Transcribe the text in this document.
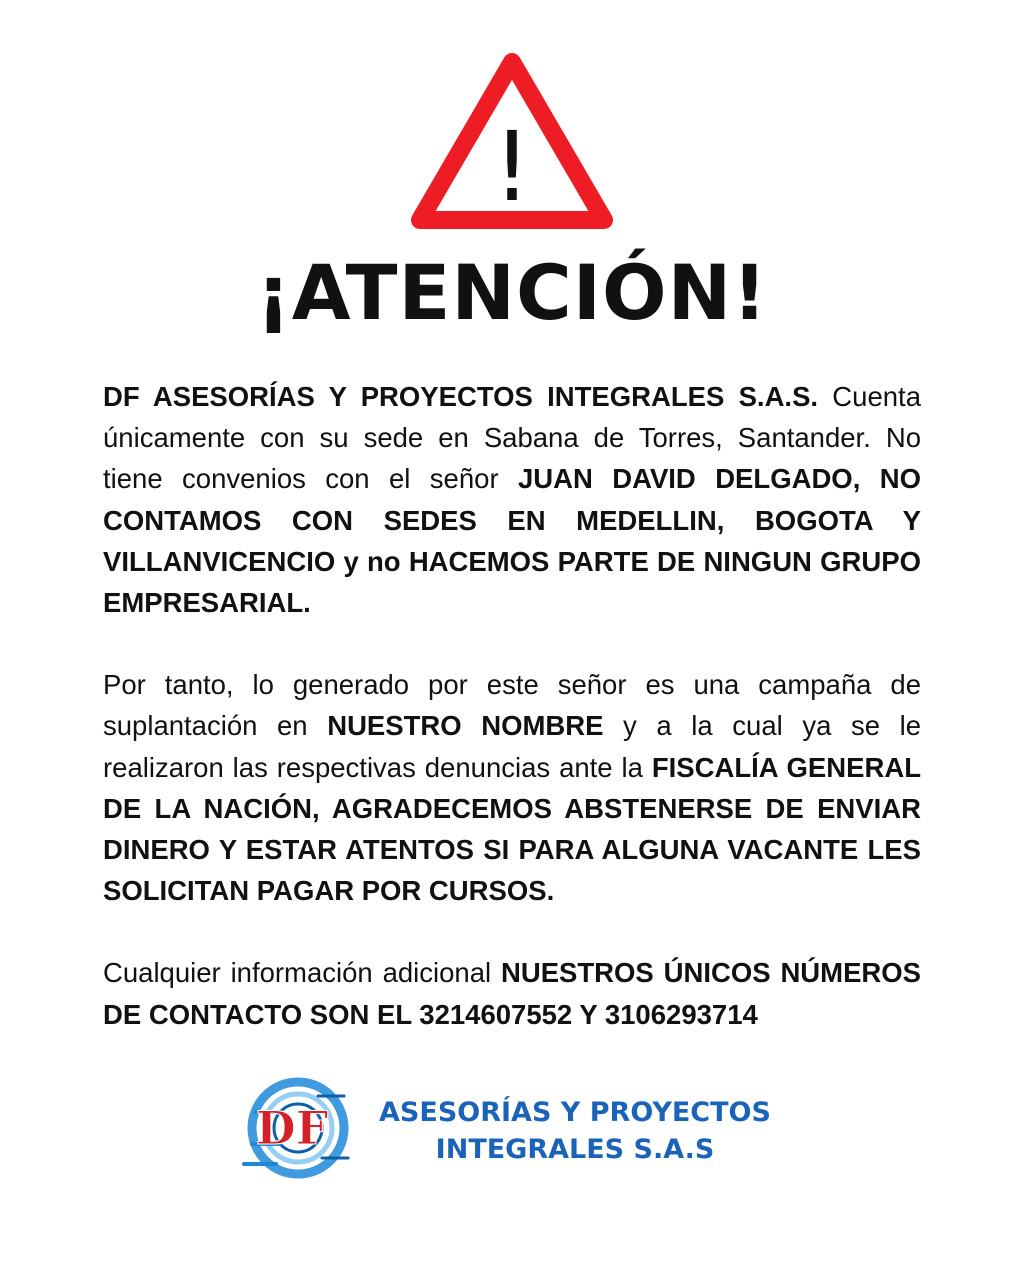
!
¡ATENCIÓN!

DF ASESORÍAS Y PROYECTOS INTEGRALES S.A.S. Cuenta únicamente con su sede en Sabana de Torres, Santander. No tiene convenios con el señor JUAN DAVID DELGADO, NO CONTAMOS CON SEDES EN MEDELLIN, BOGOTA Y VILLANVICENCIO y no HACEMOS PARTE DE NINGUN GRUPO EMPRESARIAL.

Por tanto, lo generado por este señor es una campaña de suplantación en NUESTRO NOMBRE y a la cual ya se le realizaron las respectivas denuncias ante la FISCALÍA GENERAL DE LA NACIÓN, AGRADECEMOS ABSTENERSE DE ENVIAR DINERO Y ESTAR ATENTOS SI PARA ALGUNA VACANTE LES SOLICITAN PAGAR POR CURSOS.

Cualquier información adicional NUESTROS ÚNICOS NÚMEROS DE CONTACTO SON EL 3214607552 Y 3106293714

DF	ASESORÍAS Y PROYECTOS
INTEGRALES S.A.S
